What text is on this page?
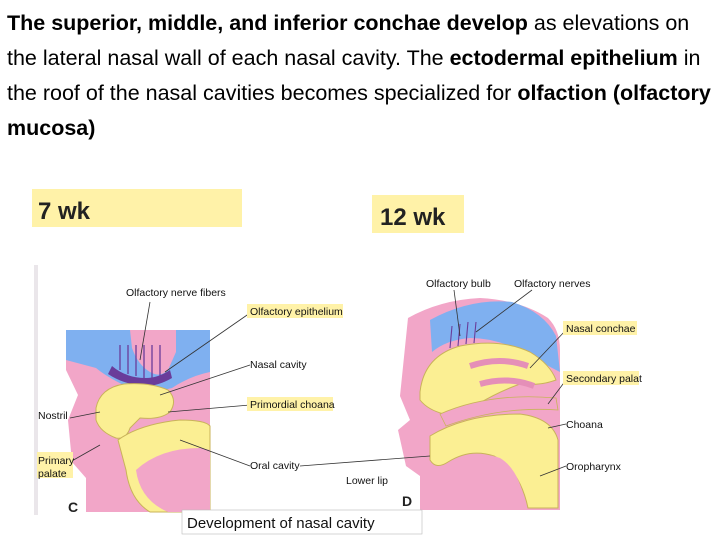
The superior, middle, and inferior conchae develop as elevations on the lateral nasal wall of each nasal cavity. The ectodermal epithelium in the roof of the nasal cavities becomes specialized for olfaction (olfactory mucosa)

7 wk
Olfactory nerve fibers
Olfactory epithelium
Nasal cavity
Primordial choana
Oral cavity
Nostril
Primary
palate
C
12 wk
Olfactory bulb Olfactory nerves
Nasal conchae
Secondary palat
Choana
Oropharynx
Lower lip
D
Development of nasal cavity
